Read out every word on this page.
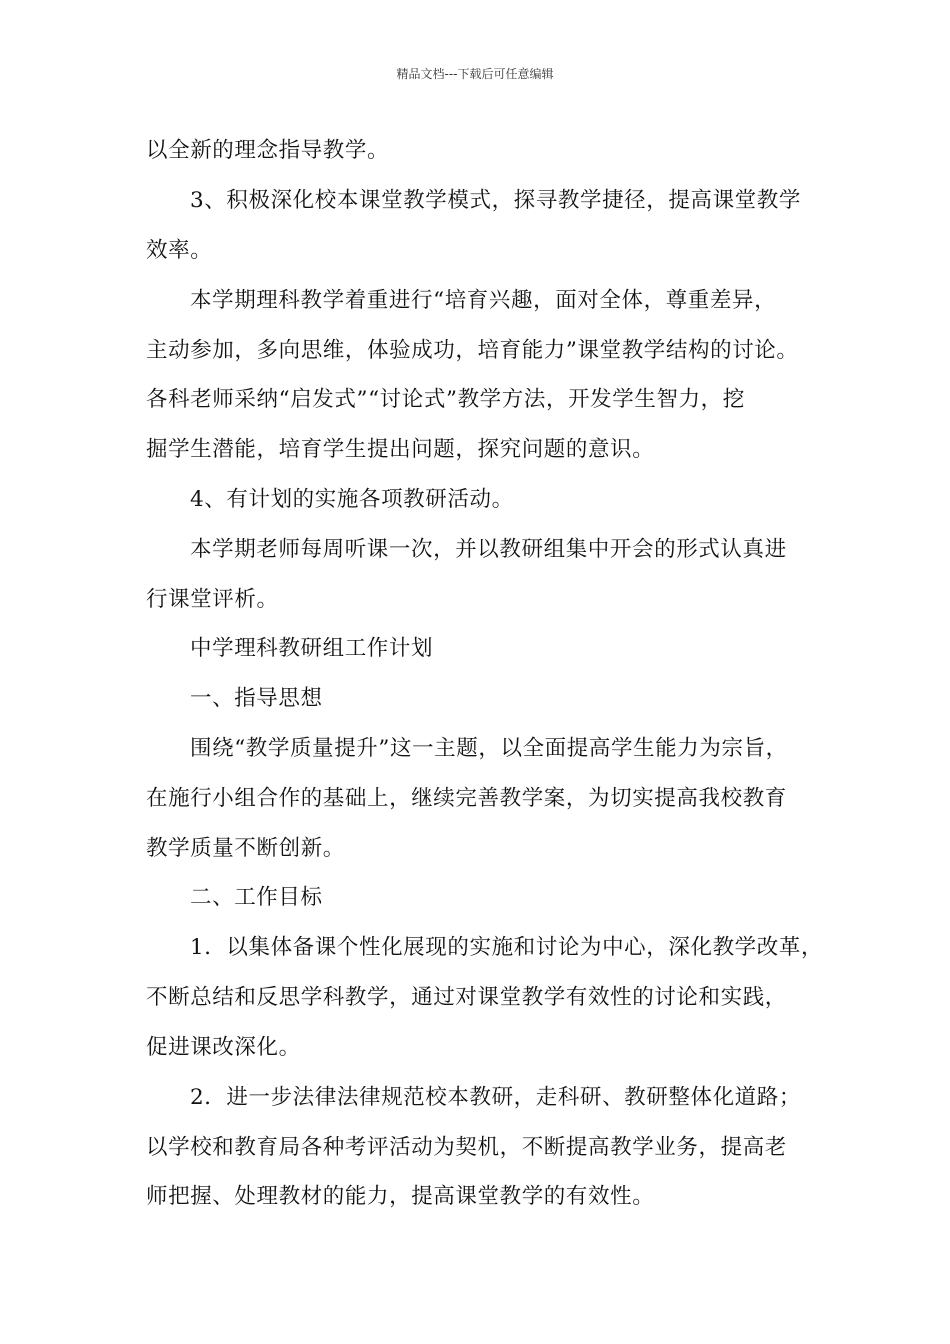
精品文档---下载后可任意编辑
以全新的理念指导教学。
3、积极深化校本课堂教学模式，探寻教学捷径，提高课堂教学
效率。
本学期理科教学着重进行“培育兴趣，面对全体，尊重差异，
主动参加，多向思维，体验成功，培育能力”课堂教学结构的讨论。
各科老师采纳“启发式”“讨论式”教学方法，开发学生智力，挖
掘学生潜能，培育学生提出问题，探究问题的意识。
4、有计划的实施各项教研活动。
本学期老师每周听课一次，并以教研组集中开会的形式认真进
行课堂评析。
中学理科教研组工作计划
一、指导思想
围绕“教学质量提升”这一主题，以全面提高学生能力为宗旨，
在施行小组合作的基础上，继续完善教学案，为切实提高我校教育
教学质量不断创新。
二、工作目标
1．以集体备课个性化展现的实施和讨论为中心，深化教学改革，
不断总结和反思学科教学，通过对课堂教学有效性的讨论和实践，
促进课改深化。
2．进一步法律法律规范校本教研，走科研、教研整体化道路；
以学校和教育局各种考评活动为契机，不断提高教学业务，提高老
师把握、处理教材的能力，提高课堂教学的有效性。
